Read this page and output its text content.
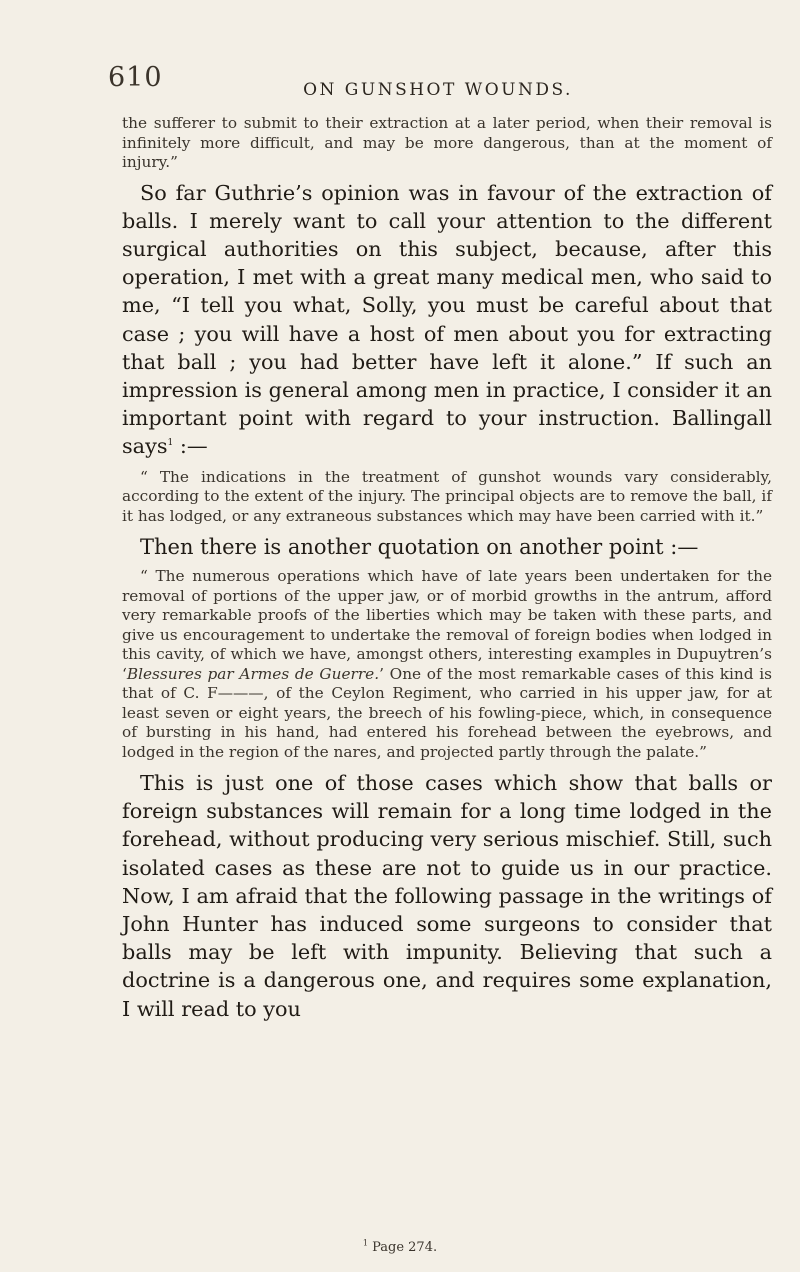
610	ON GUNSHOT WOUNDS.

the sufferer to submit to their extraction at a later period, when their removal is infinitely more difficult, and may be more dangerous, than at the moment of injury.”

So far Guthrie’s opinion was in favour of the extraction of balls. I merely want to call your attention to the different surgical authorities on this subject, because, after this operation, I met with a great many medical men, who said to me, “I tell you what, Solly, you must be careful about that case ; you will have a host of men about you for extracting that ball ; you had better have left it alone.” If such an impression is general among men in practice, I consider it an important point with regard to your instruction. Ballingall says$^1$ :—

“ The indications in the treatment of gunshot wounds vary considerably, according to the extent of the injury. The principal objects are to remove the ball, if it has lodged, or any extraneous substances which may have been carried with it.”

Then there is another quotation on another point :—

“ The numerous operations which have of late years been undertaken for the removal of portions of the upper jaw, or of morbid growths in the antrum, afford very remarkable proofs of the liberties which may be taken with these parts, and give us encouragement to undertake the removal of foreign bodies when lodged in this cavity, of which we have, amongst others, interesting examples in Dupuytren’s ‘Blessures par Armes de Guerre.’ One of the most remarkable cases of this kind is that of C. F———, of the Ceylon Regiment, who carried in his upper jaw, for at least seven or eight years, the breech of his fowling-piece, which, in consequence of bursting in his hand, had entered his forehead between the eyebrows, and lodged in the region of the nares, and projected partly through the palate.”

This is just one of those cases which show that balls or foreign substances will remain for a long time lodged in the forehead, without producing very serious mischief. Still, such isolated cases as these are not to guide us in our practice. Now, I am afraid that the following passage in the writings of John Hunter has induced some surgeons to consider that balls may be left with impunity. Believing that such a doctrine is a dangerous one, and requires some explanation, I will read to you

$^1$ Page 274.
